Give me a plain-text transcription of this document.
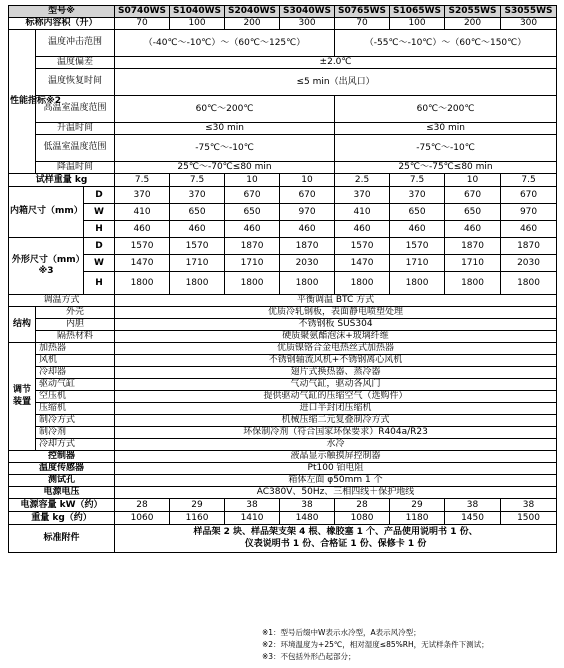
型号※			S0740WS	S1040WS	S2040WS	S3040WS	S0765WS	S1065WS	S2055WS	S3055WS
标称内容积（升）			70	100	200	300	70	100	200	300
性能指标※2	温度冲击范围		（-40℃～-10℃）～（60℃～125℃）				（-55℃～-10℃）～（60℃～150℃）			
	温度偏差		±2.0℃							
	温度恢复时间		≤5 min（出风口）							
	高温室温度范围		60℃～200℃				60℃～200℃			
	升温时间		≤30 min				≤30 min			
	低温室温度范围		-75℃～-10℃				-75℃～-10℃			
	降温时间		25℃～-70℃≤80 min				25℃～-75℃≤80 min			
试样重量 kg			7.5	7.5	10	10	2.5	7.5	10	7.5
内箱尺寸（mm）		D	370	370	670	670	370	370	670	670
		W	410	650	650	970	410	650	650	970
		H	460	460	460	460	460	460	460	460
外形尺寸（mm）※3		D	1570	1570	1870	1870	1570	1570	1870	1870
		W	1470	1710	1710	2030	1470	1710	1710	2030
		H	1800	1800	1800	1800	1800	1800	1800	1800
调温方式			平衡调温 BTC 方式							
结构	外壳		优质冷轧钢板，表面静电喷塑处理							
	内胆		不锈钢板 SUS304							
	隔热材料		硬质聚氨酯泡沫+玻璃纤维							
调节装置	加热器		优质镍铬合金电热丝式加热器							
	风机		不锈钢轴流风机+不锈钢离心风机							
	冷却器		翅片式换热器、蒸冷器							
	驱动气缸		气动气缸，驱动各风门							
	空压机		提供驱动气缸的压缩空气（选购件）							
	压缩机		进口半封闭压缩机							
	制冷方式		机械压缩二元复叠制冷方式							
	制冷剂		环保制冷剂（符合国家环保要求）R404a/R23							
	冷却方式		水冷							
控制器			液晶显示触摸屏控制器							
温度传感器			Pt100 铂电阻							
测试孔			箱体左面 φ50mm 1 个							
电源电压			AC380V、50Hz、三相四线＋保护地线							
电源容量 kW（约）			28	29	38	38	28	29	38	38
重量 kg（约）			1060	1160	1410	1480	1080	1180	1450	1500
标准附件			样品架 2 块、样品架支架 4 根、橡胶塞 1 个、产品使用说明书 1 份、
仪表说明书 1 份、合格证 1 份、保修卡 1 份							
※1：型号后缀中W表示水冷型，A表示风冷型；
※2：环境温度为+25℃，相对湿度≤85%RH，无试样条件下测试；
※3：不包括外形凸起部分；
